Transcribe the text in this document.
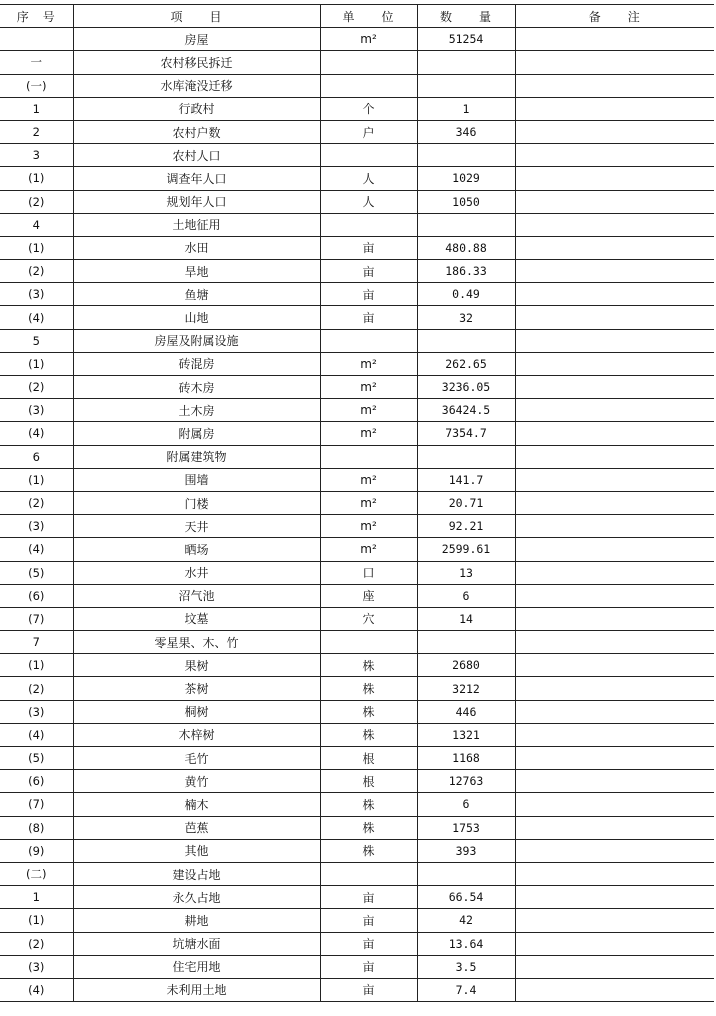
序　号	项　　目	单　　位	数　　量	备　　注
	房屋	m²	51254	
一	农村移民拆迁			
(一)	水库淹没迁移			
1	行政村	个	1	
2	农村户数	户	346	
3	农村人口			
(1)	调查年人口	人	1029	
(2)	规划年人口	人	1050	
4	土地征用			
(1)	水田	亩	480.88	
(2)	旱地	亩	186.33	
(3)	鱼塘	亩	0.49	
(4)	山地	亩	32	
5	房屋及附属设施			
(1)	砖混房	m²	262.65	
(2)	砖木房	m²	3236.05	
(3)	土木房	m²	36424.5	
(4)	附属房	m²	7354.7	
6	附属建筑物			
(1)	围墙	m²	141.7	
(2)	门楼	m²	20.71	
(3)	天井	m²	92.21	
(4)	晒场	m²	2599.61	
(5)	水井	口	13	
(6)	沼气池	座	6	
(7)	坟墓	穴	14	
7	零星果、木、竹			
(1)	果树	株	2680	
(2)	茶树	株	3212	
(3)	桐树	株	446	
(4)	木梓树	株	1321	
(5)	毛竹	根	1168	
(6)	黄竹	根	12763	
(7)	楠木	株	6	
(8)	芭蕉	株	1753	
(9)	其他	株	393	
(二)	建设占地			
1	永久占地	亩	66.54	
(1)	耕地	亩	42	
(2)	坑塘水面	亩	13.64	
(3)	住宅用地	亩	3.5	
(4)	未利用土地	亩	7.4	
